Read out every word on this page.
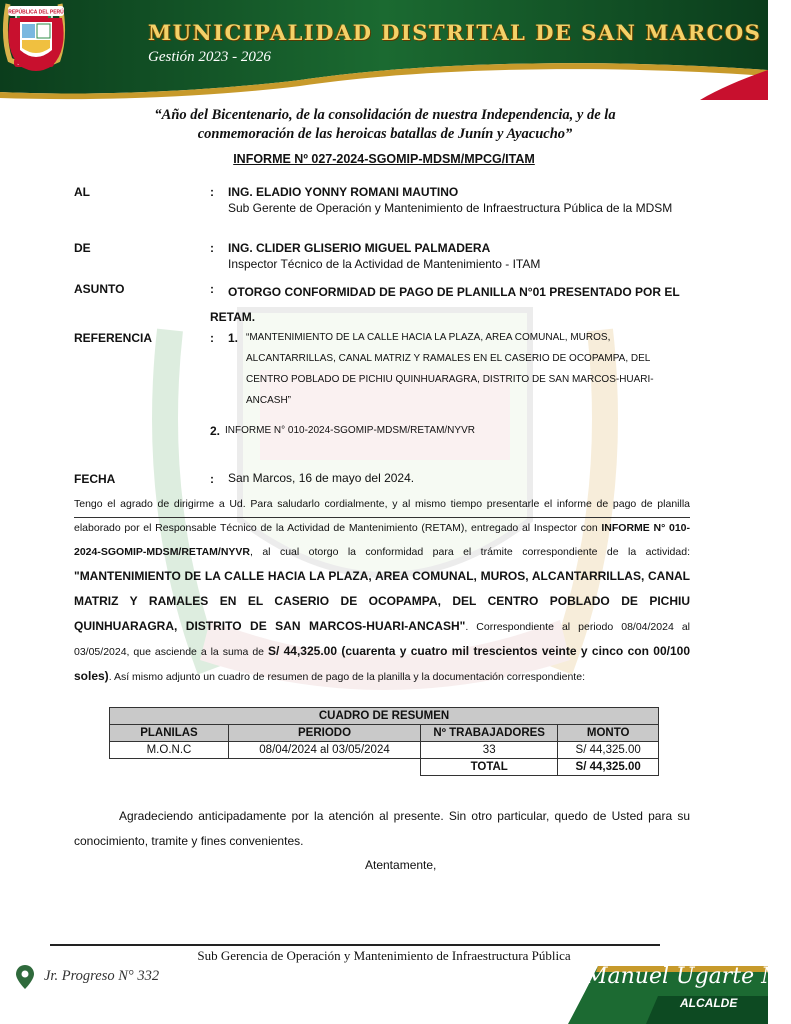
MUNICIPALIDAD DISTRITAL DE SAN MARCOS
Gestión 2023 - 2026
REPÚBLICA DEL PERÚ
“Año del Bicentenario, de la consolidación de nuestra Independencia, y de la conmemoración de las heroicas batallas de Junín y Ayacucho”
INFORME Nº 027-2024-SGOMIP-MDSM/MPCG/ITAM
AL	: ING. ELADIO YONNY ROMANI MAUTINO
Sub Gerente de Operación y Mantenimiento de Infraestructura Pública de la MDSM
DE	: ING. CLIDER GLISERIO MIGUEL PALMADERA
Inspector Técnico de la Actividad de Mantenimiento - ITAM
ASUNTO	:	OTORGO CONFORMIDAD DE PAGO DE PLANILLA N°01 PRESENTADO POR EL RETAM.
REFERENCIA	: 1. “MANTENIMIENTO DE LA CALLE HACIA LA PLAZA, AREA COMUNAL, MUROS, ALCANTARRILLAS, CANAL MATRIZ Y RAMALES EN EL CASERIO DE OCOPAMPA, DEL CENTRO POBLADO DE PICHIU QUINHUARAGRA, DISTRITO DE SAN MARCOS-HUARI-ANCASH”
2. INFORME N° 010-2024-SGOMIP-MDSM/RETAM/NYVR
FECHA	: San Marcos, 16 de mayo del 2024.
Tengo el agrado de dirigirme a Ud. Para saludarlo cordialmente, y al mismo tiempo presentarle el informe de pago de planilla elaborado por el Responsable Técnico de la Actividad de Mantenimiento (RETAM), entregado al Inspector con INFORME N° 010-2024-SGOMIP-MDSM/RETAM/NYVR, al cual otorgo la conformidad para el trámite correspondiente de la actividad: "MANTENIMIENTO DE LA CALLE HACIA LA PLAZA, AREA COMUNAL, MUROS, ALCANTARRILLAS, CANAL MATRIZ Y RAMALES EN EL CASERIO DE OCOPAMPA, DEL CENTRO POBLADO DE PICHIU QUINHUARAGRA, DISTRITO DE SAN MARCOS-HUARI-ANCASH". Correspondiente al periodo 08/04/2024 al 03/05/2024, que asciende a la suma de S/ 44,325.00 (cuarenta y cuatro mil trescientos veinte y cinco con 00/100 soles). Así mismo adjunto un cuadro de resumen de pago de la planilla y la documentación correspondiente:
CUADRO DE RESUMEN			
PLANILAS	PERIODO	Nº TRABAJADORES	MONTO
M.O.N.C	08/04/2024 al 03/05/2024	33	S/ 44,325.00
		TOTAL	S/ 44,325.00
Agradeciendo anticipadamente por la atención al presente. Sin otro particular, quedo de Usted para su conocimiento, tramite y fines convenientes.
Atentamente,
Sub Gerencia de Operación y Mantenimiento de Infraestructura Pública
Jr. Progreso N° 332	Manuel Ugarte M.
ALCALDE
